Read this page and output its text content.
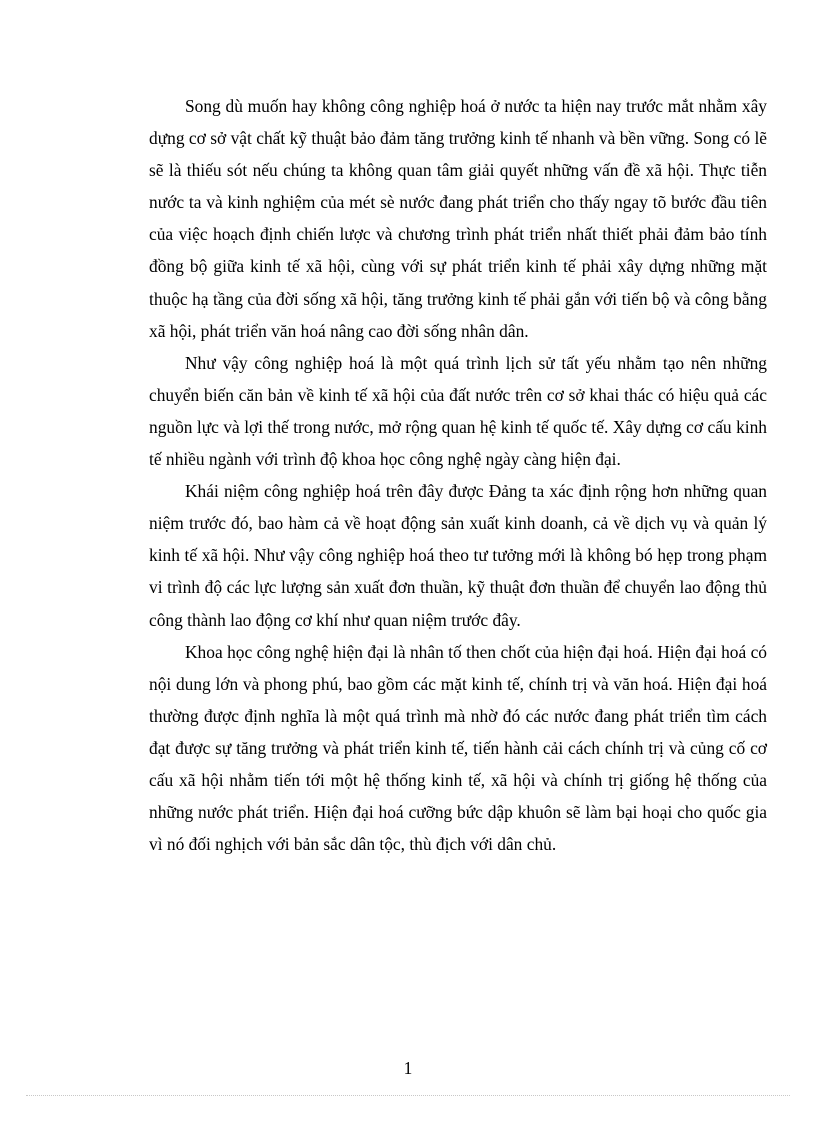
Song dù muốn hay không công nghiệp hoá ở nước ta hiện nay trước mắt nhằm xây dựng cơ sở vật chất kỹ thuật bảo đảm tăng trưởng kinh tế nhanh và bền vững. Song có lẽ sẽ là thiếu sót nếu chúng ta không quan tâm giải quyết những vấn đề xã hội. Thực tiễn nước ta và kinh nghiệm của mét sè nước đang phát triển cho thấy ngay tõ bước đầu tiên của việc hoạch định chiến lược và chương trình phát triển nhất thiết phải đảm bảo tính đồng bộ giữa kinh tế xã hội, cùng với sự phát triển kinh tế phải xây dựng những mặt thuộc hạ tầng của đời sống xã hội, tăng trưởng kinh tế phải gắn với tiến bộ và công bằng xã hội, phát triển văn hoá nâng cao đời sống nhân dân.

Như vậy công nghiệp hoá là một quá trình lịch sử tất yếu nhằm tạo nên những chuyển biến căn bản về kinh tế xã hội của đất nước trên cơ sở khai thác có hiệu quả các nguồn lực và lợi thế trong nước, mở rộng quan hệ kinh tế quốc tế. Xây dựng cơ cấu kinh tế nhiều ngành với trình độ khoa học công nghệ ngày càng hiện đại.

Khái niệm công nghiệp hoá trên đây được Đảng ta xác định rộng hơn những quan niệm trước đó, bao hàm cả về hoạt động sản xuất kinh doanh, cả về dịch vụ và quản lý kinh tế xã hội. Như vậy công nghiệp hoá theo tư tưởng mới là không bó hẹp trong phạm vi trình độ các lực lượng sản xuất đơn thuần, kỹ thuật đơn thuần để chuyển lao động thủ công thành lao động cơ khí như quan niệm trước đây.

Khoa học công nghệ hiện đại là nhân tố then chốt của hiện đại hoá. Hiện đại hoá có nội dung lớn và phong phú, bao gồm các mặt kinh tế, chính trị và văn hoá. Hiện đại hoá thường được định nghĩa là một quá trình mà nhờ đó các nước đang phát triển tìm cách đạt được sự tăng trưởng và phát triển kinh tế, tiến hành cải cách chính trị và củng cố cơ cấu xã hội nhằm tiến tới một hệ thống kinh tế, xã hội và chính trị giống hệ thống của những nước phát triển. Hiện đại hoá cưỡng bức dập khuôn sẽ làm bại hoại cho quốc gia vì nó đối nghịch với bản sắc dân tộc, thù địch với dân chủ.

1
